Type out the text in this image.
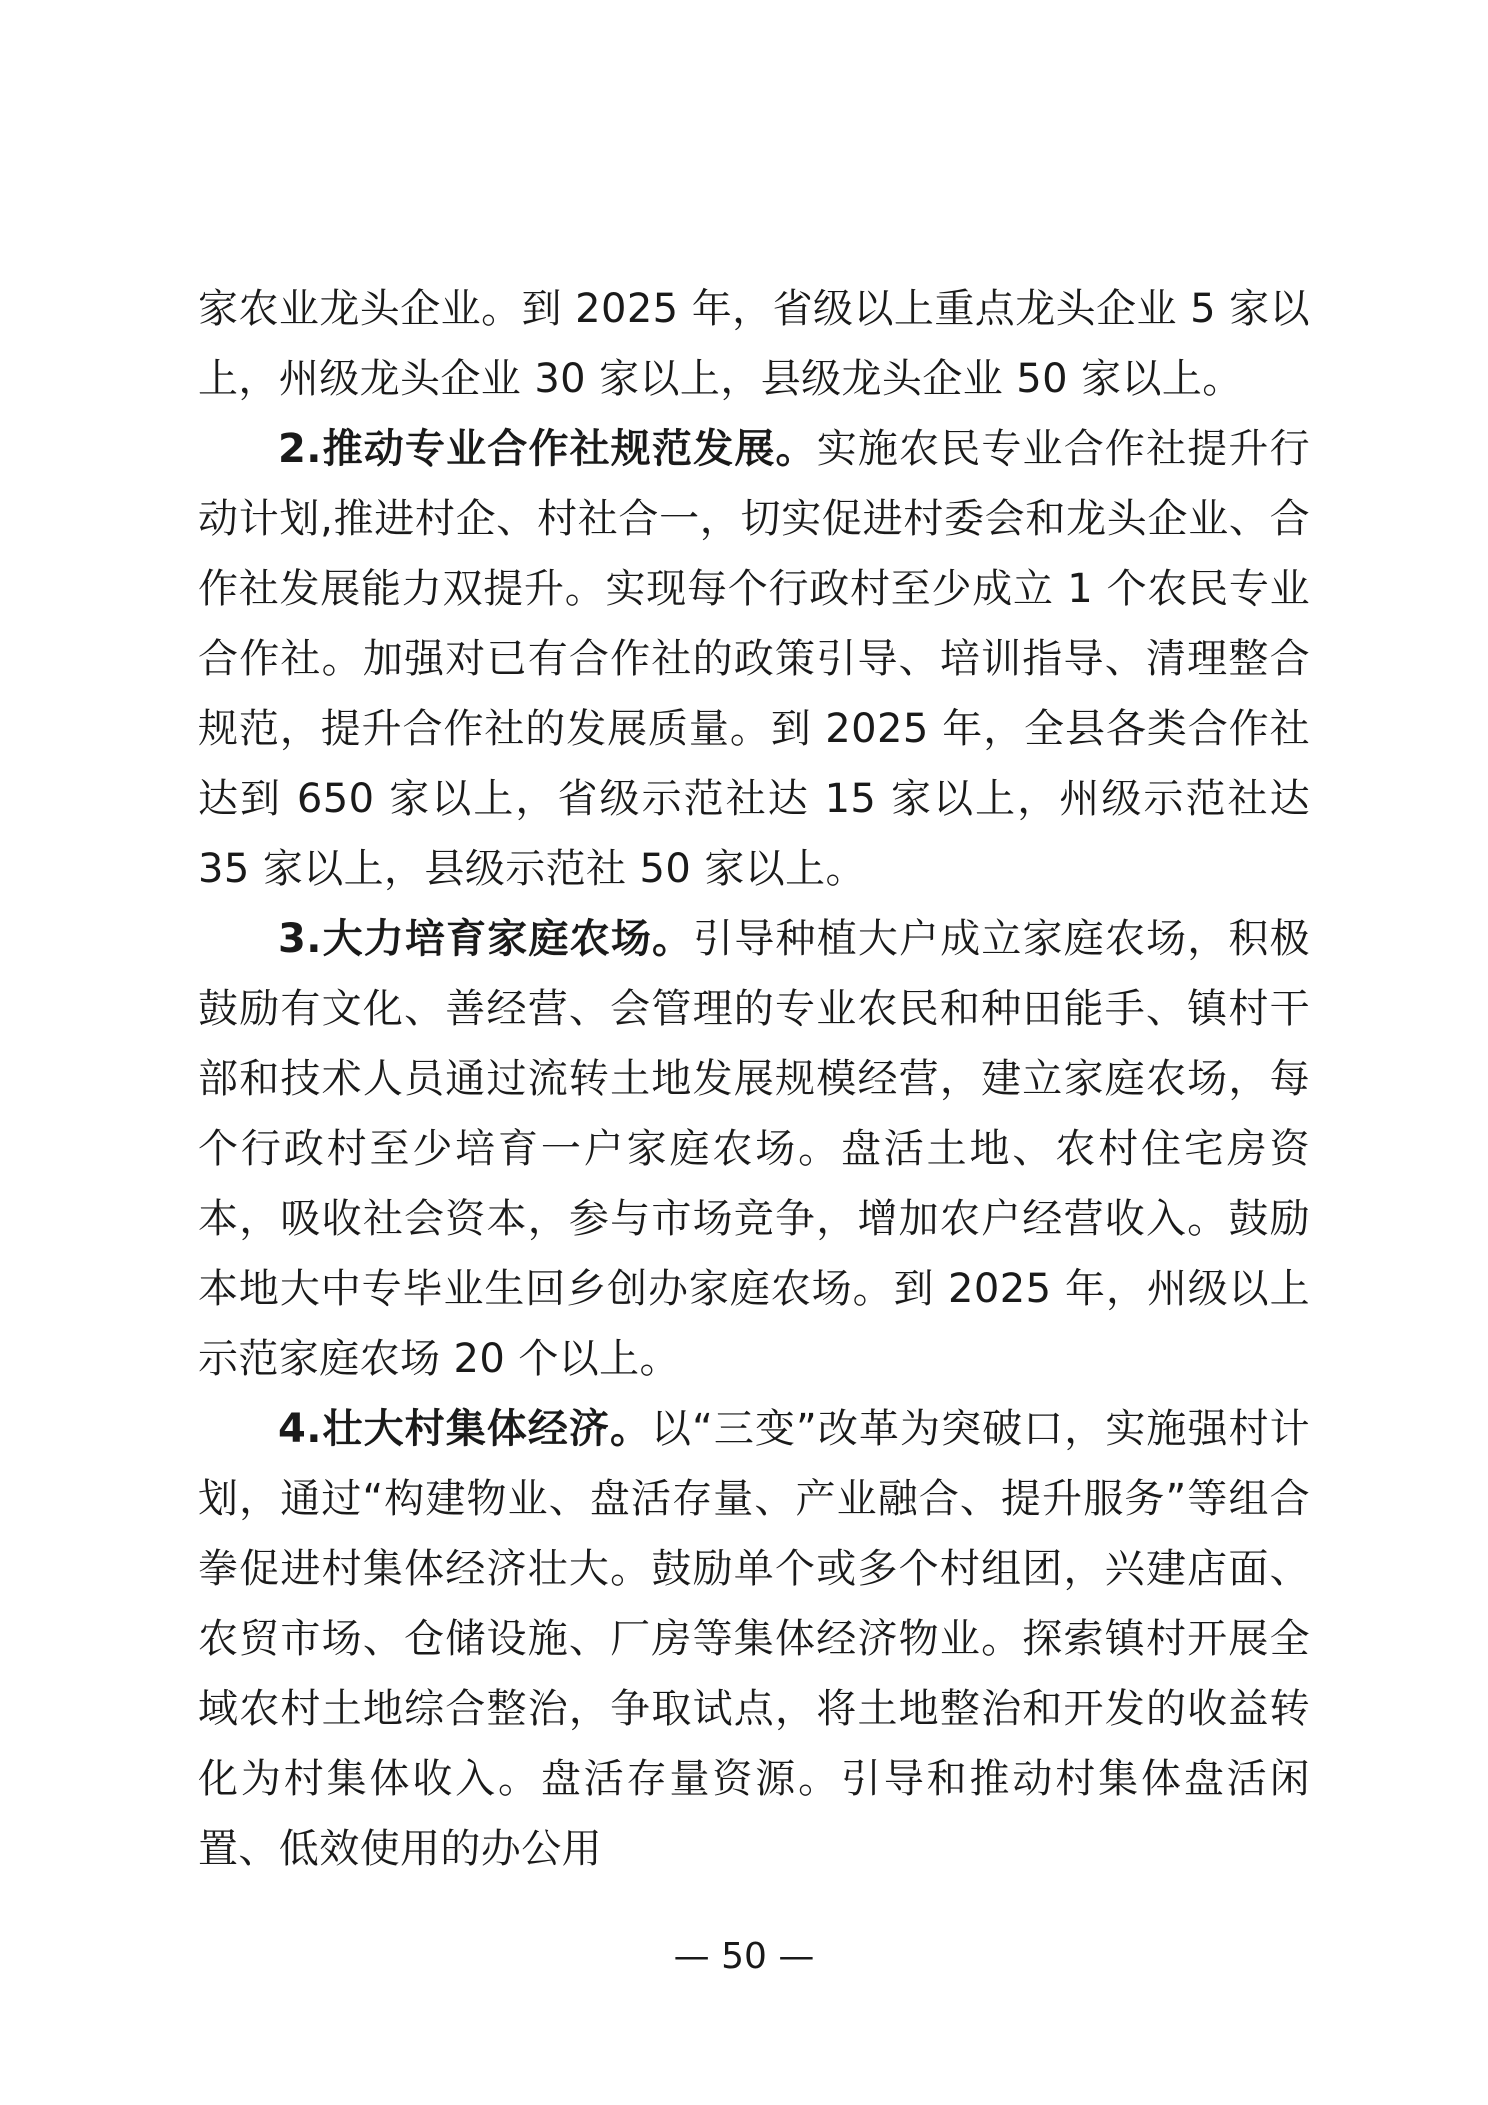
家农业龙头企业。到 2025 年，省级以上重点龙头企业 5 家以上，州级龙头企业 30 家以上，县级龙头企业 50 家以上。

2.推动专业合作社规范发展。实施农民专业合作社提升行动计划,推进村企、村社合一，切实促进村委会和龙头企业、合作社发展能力双提升。实现每个行政村至少成立 1 个农民专业合作社。加强对已有合作社的政策引导、培训指导、清理整合规范，提升合作社的发展质量。到 2025 年，全县各类合作社达到 650 家以上，省级示范社达 15 家以上，州级示范社达 35 家以上，县级示范社 50 家以上。

3.大力培育家庭农场。引导种植大户成立家庭农场，积极鼓励有文化、善经营、会管理的专业农民和种田能手、镇村干部和技术人员通过流转土地发展规模经营，建立家庭农场，每个行政村至少培育一户家庭农场。盘活土地、农村住宅房资本，吸收社会资本，参与市场竞争，增加农户经营收入。鼓励本地大中专毕业生回乡创办家庭农场。到 2025 年，州级以上示范家庭农场 20 个以上。

4.壮大村集体经济。以“三变”改革为突破口，实施强村计划，通过“构建物业、盘活存量、产业融合、提升服务”等组合拳促进村集体经济壮大。鼓励单个或多个村组团，兴建店面、农贸市场、仓储设施、厂房等集体经济物业。探索镇村开展全域农村土地综合整治，争取试点，将土地整治和开发的收益转化为村集体收入。盘活存量资源。引导和推动村集体盘活闲置、低效使用的办公用

— 50 —
